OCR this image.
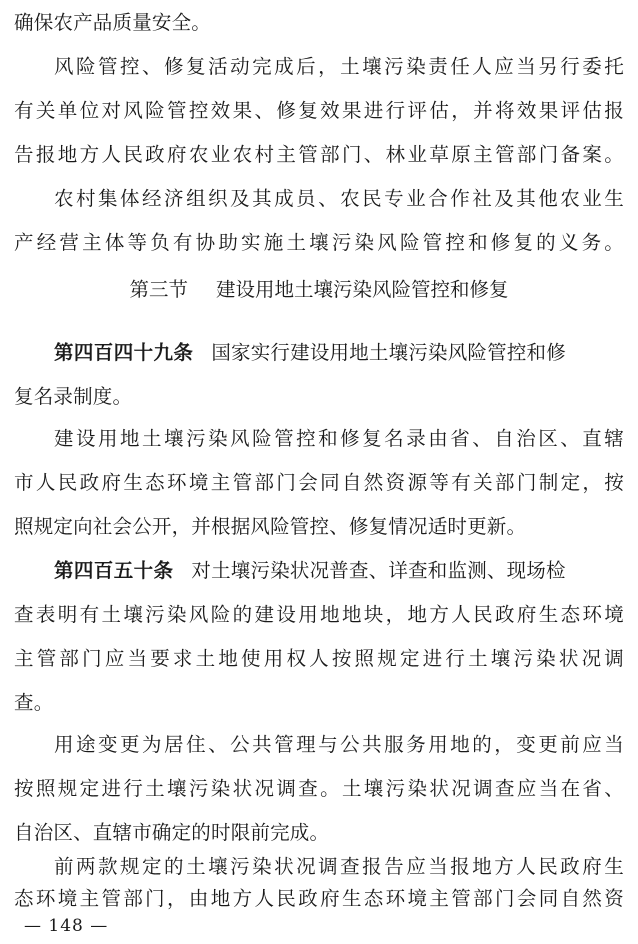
确保农产品质量安全。
风险管控、修复活动完成后，土壤污染责任人应当另行委托
有关单位对风险管控效果、修复效果进行评估，并将效果评估报
告报地方人民政府农业农村主管部门、林业草原主管部门备案。
农村集体经济组织及其成员、农民专业合作社及其他农业生
产经营主体等负有协助实施土壤污染风险管控和修复的义务。
第三节 建设用地土壤污染风险管控和修复
第四百四十九条 国家实行建设用地土壤污染风险管控和修
复名录制度。
建设用地土壤污染风险管控和修复名录由省、自治区、直辖
市人民政府生态环境主管部门会同自然资源等有关部门制定，按
照规定向社会公开，并根据风险管控、修复情况适时更新。
第四百五十条 对土壤污染状况普查、详查和监测、现场检
查表明有土壤污染风险的建设用地地块，地方人民政府生态环境
主管部门应当要求土地使用权人按照规定进行土壤污染状况调
查。
用途变更为居住、公共管理与公共服务用地的，变更前应当
按照规定进行土壤污染状况调查。土壤污染状况调查应当在省、
自治区、直辖市确定的时限前完成。
前两款规定的土壤污染状况调查报告应当报地方人民政府生
— 148 —
态环境主管部门，由地方人民政府生态环境主管部门会同自然资
